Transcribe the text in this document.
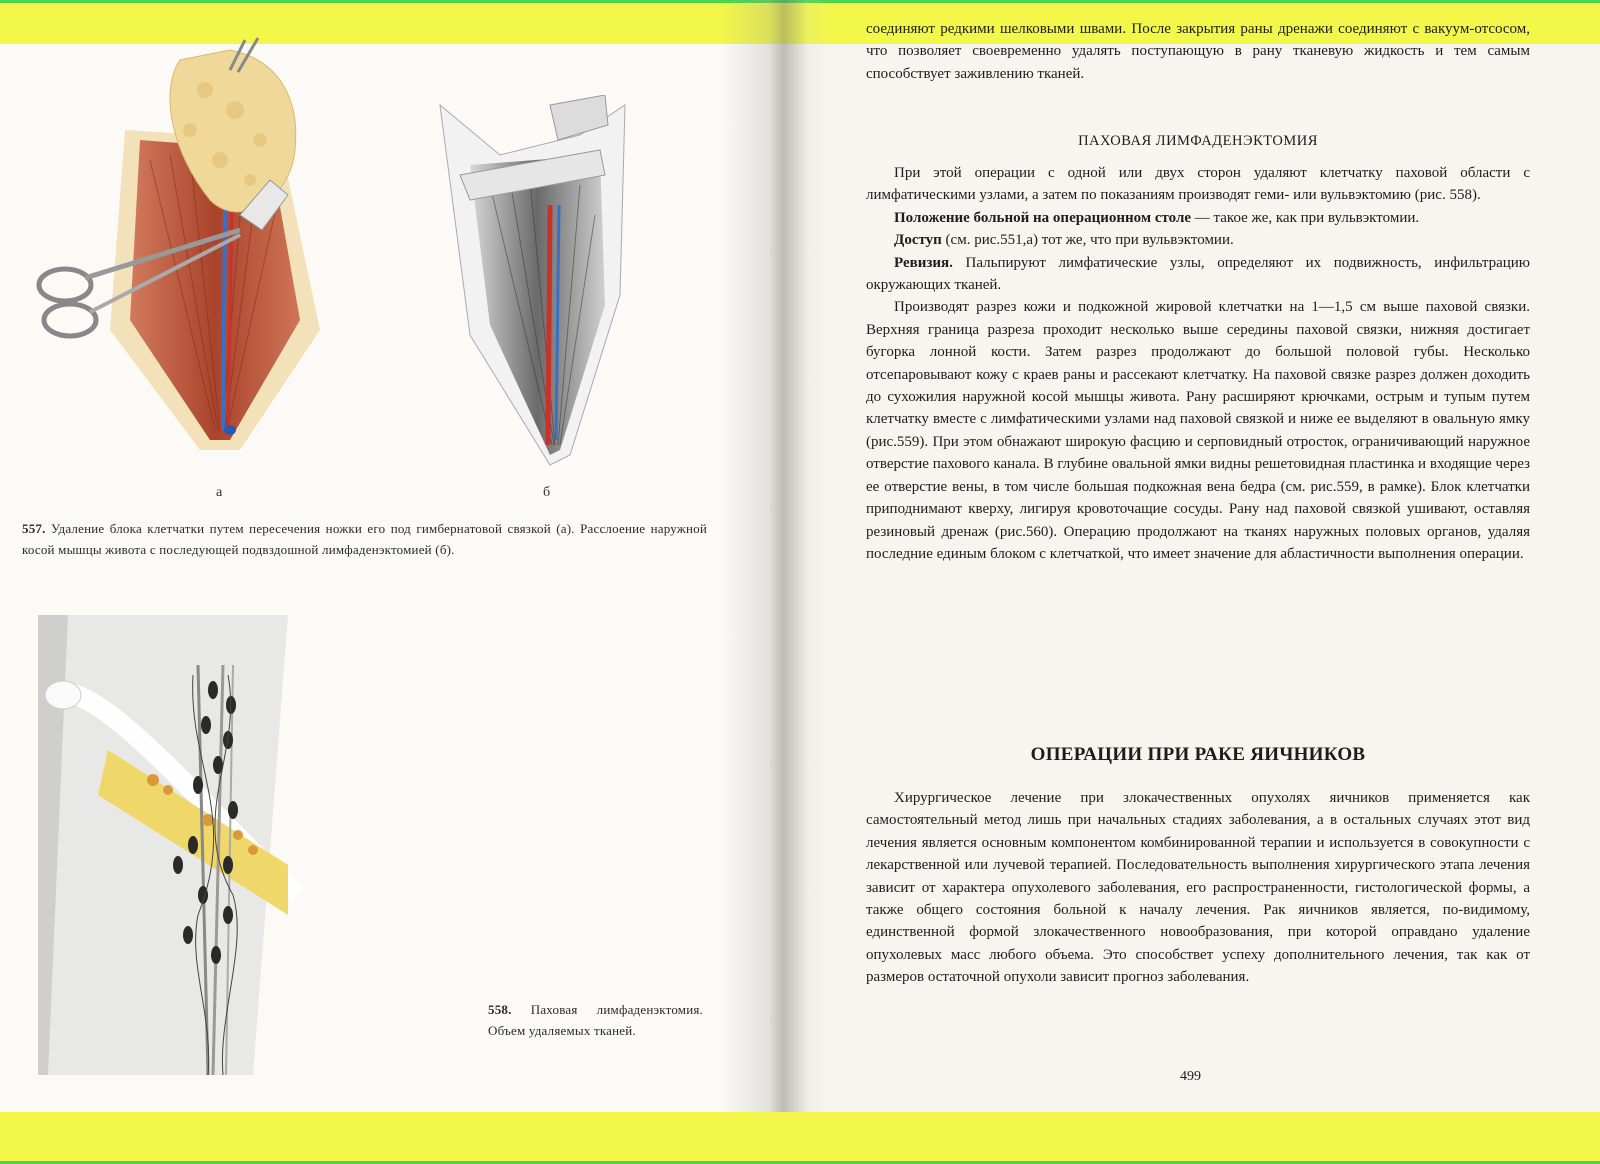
а	б
557. Удаление блока клетчатки путем пересечения ножки его под гимбернатовой связкой (а). Расслоение наружной косой мышцы живота с последующей подвздошной лимфаденэктомией (б).
558. Паховая лимфаденэктомия. Объем удаляемых тканей.

соединяют редкими шелковыми швами. После закрытия раны дренажи соединяют с вакуум-отсосом, что позволяет своевременно удалять поступающую в рану тканевую жидкость и тем самым способствует заживлению тканей.

ПАХОВАЯ ЛИМФАДЕНЭКТОМИЯ

При этой операции с одной или двух сторон удаляют клетчатку паховой области с лимфатическими узлами, а затем по показаниям производят геми- или вульвэктомию (рис. 558).

Положение больной на операционном столе — такое же, как при вульвэктомии.

Доступ (см. рис.551,а) тот же, что при вульвэктомии.

Ревизия. Пальпируют лимфатические узлы, определяют их подвижность, инфильтрацию окружающих тканей.

Производят разрез кожи и подкожной жировой клетчатки на 1—1,5 см выше паховой связки. Верхняя граница разреза проходит несколько выше середины паховой связки, нижняя достигает бугорка лонной кости. Затем разрез продолжают до большой половой губы. Несколько отсепаровывают кожу с краев раны и рассекают клетчатку. На паховой связке разрез должен доходить до сухожилия наружной косой мышцы живота. Рану расширяют крючками, острым и тупым путем клетчатку вместе с лимфатическими узлами над паховой связкой и ниже ее выделяют в овальную ямку (рис.559). При этом обнажают широкую фасцию и серповидный отросток, ограничивающий наружное отверстие пахового канала. В глубине овальной ямки видны решетовидная пластинка и входящие через ее отверстие вены, в том числе большая подкожная вена бедра (см. рис.559, в рамке). Блок клетчатки приподнимают кверху, лигируя кровоточащие сосуды. Рану над паховой связкой ушивают, оставляя резиновый дренаж (рис.560). Операцию продолжают на тканях наружных половых органов, удаляя последние единым блоком с клетчаткой, что имеет значение для абластичности выполнения операции.

ОПЕРАЦИИ ПРИ РАКЕ ЯИЧНИКОВ

Хирургическое лечение при злокачественных опухолях яичников применяется как самостоятельный метод лишь при начальных стадиях заболевания, а в остальных случаях этот вид лечения является основным компонентом комбинированной терапии и используется в совокупности с лекарственной или лучевой терапией. Последовательность выполнения хирургического этапа лечения зависит от характера опухолевого заболевания, его распространенности, гистологической формы, а также общего состояния больной к началу лечения. Рак яичников является, по-видимому, единственной формой злокачественного новообразования, при которой оправдано удаление опухолевых масс любого объема. Это способствет успеху дополнительного лечения, так как от размеров остаточной опухоли зависит прогноз заболевания.

499
